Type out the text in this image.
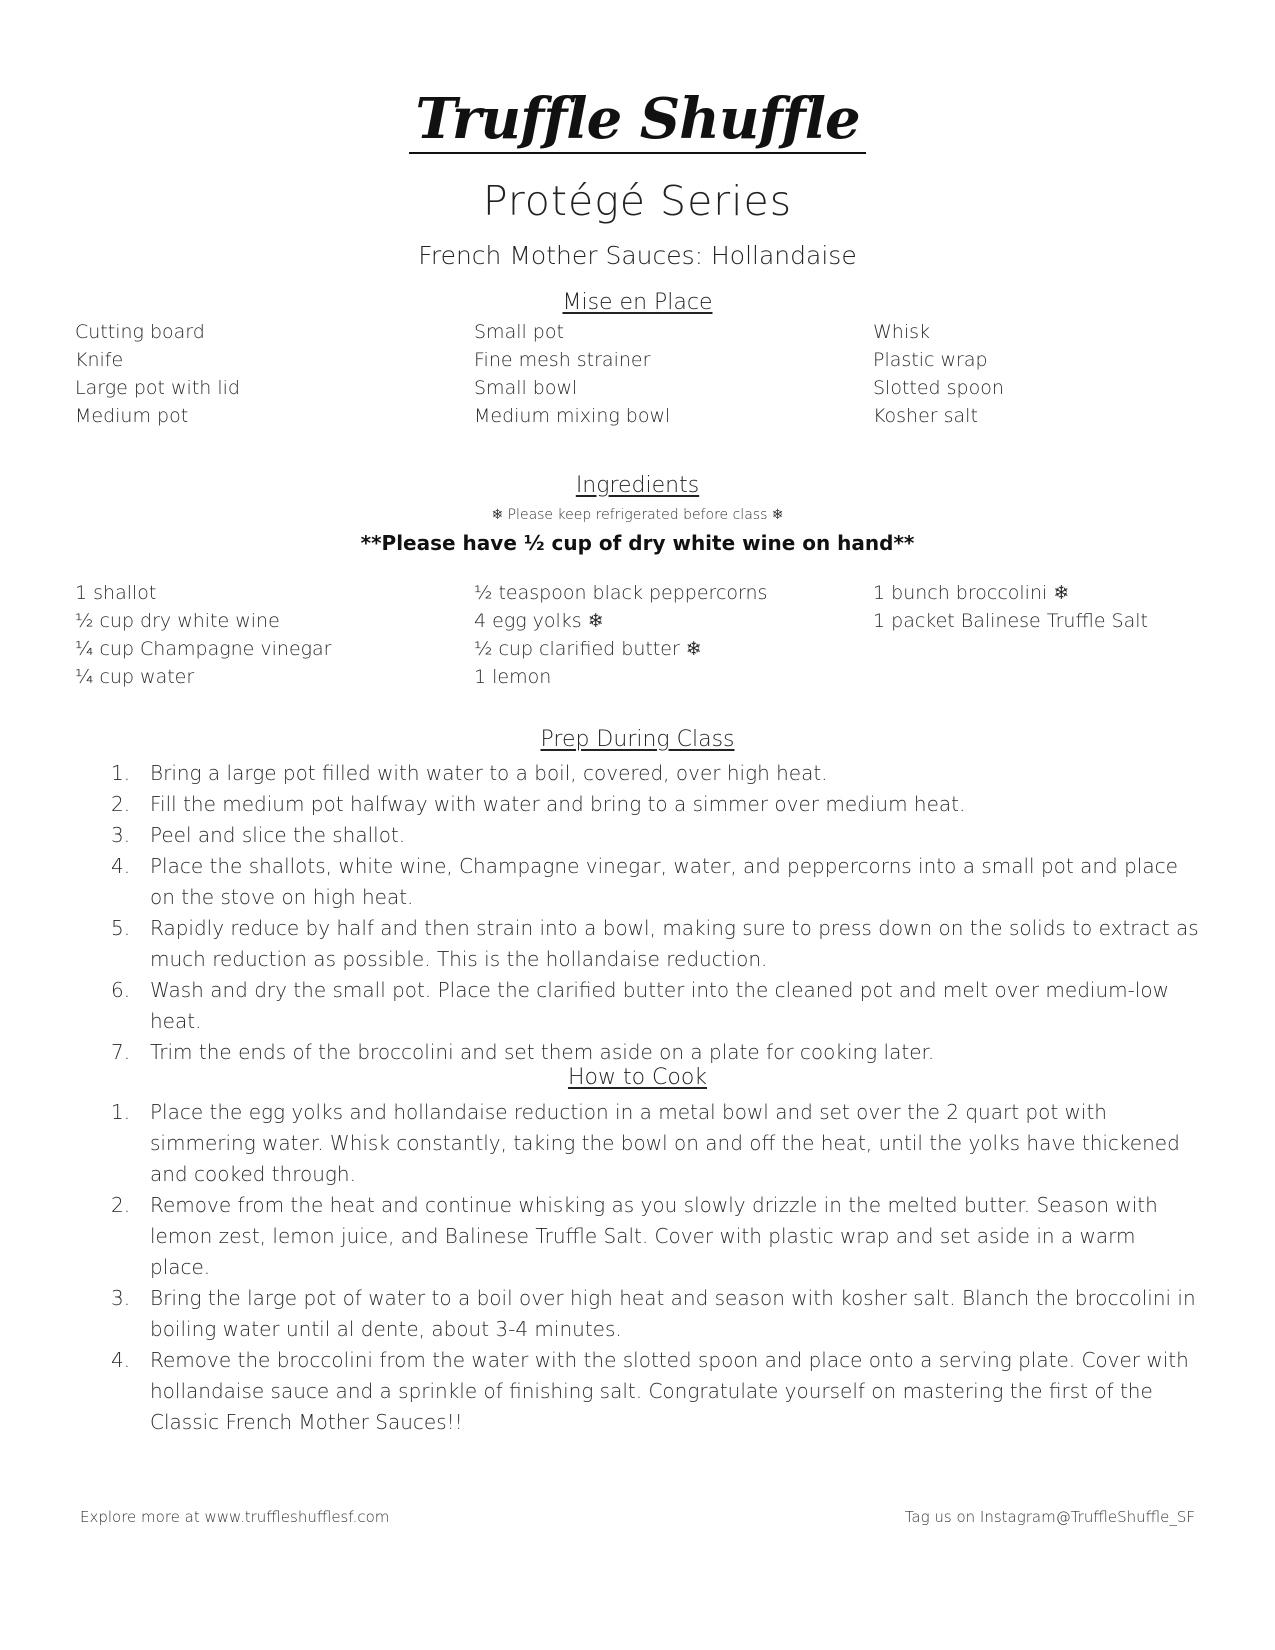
Truffle Shuffle
Protégé Series
French Mother Sauces: Hollandaise
Mise en Place
Cutting board
Knife
Large pot with lid
Medium pot
Small pot
Fine mesh strainer
Small bowl
Medium mixing bowl
Whisk
Plastic wrap
Slotted spoon
Kosher salt
Ingredients
❄ Please keep refrigerated before class ❄
**Please have ½ cup of dry white wine on hand**
1 shallot
½ cup dry white wine
¼ cup Champagne vinegar
¼ cup water
½ teaspoon black peppercorns
4 egg yolks ❄
½ cup clarified butter ❄
1 lemon
1 bunch broccolini ❄
1 packet Balinese Truffle Salt
Prep During Class
1. Bring a large pot filled with water to a boil, covered, over high heat.
2. Fill the medium pot halfway with water and bring to a simmer over medium heat.
3. Peel and slice the shallot.
4. Place the shallots, white wine, Champagne vinegar, water, and peppercorns into a small pot and place on the stove on high heat.
5. Rapidly reduce by half and then strain into a bowl, making sure to press down on the solids to extract as much reduction as possible. This is the hollandaise reduction.
6. Wash and dry the small pot. Place the clarified butter into the cleaned pot and melt over medium-low heat.
7. Trim the ends of the broccolini and set them aside on a plate for cooking later.
How to Cook
1. Place the egg yolks and hollandaise reduction in a metal bowl and set over the 2 quart pot with simmering water. Whisk constantly, taking the bowl on and off the heat, until the yolks have thickened and cooked through.
2. Remove from the heat and continue whisking as you slowly drizzle in the melted butter. Season with lemon zest, lemon juice, and Balinese Truffle Salt. Cover with plastic wrap and set aside in a warm place.
3. Bring the large pot of water to a boil over high heat and season with kosher salt. Blanch the broccolini in boiling water until al dente, about 3-4 minutes.
4. Remove the broccolini from the water with the slotted spoon and place onto a serving plate. Cover with hollandaise sauce and a sprinkle of finishing salt. Congratulate yourself on mastering the first of the Classic French Mother Sauces!!
Explore more at www.truffleshufflesf.com	Tag us on Instagram@TruffleShuffle_SF
